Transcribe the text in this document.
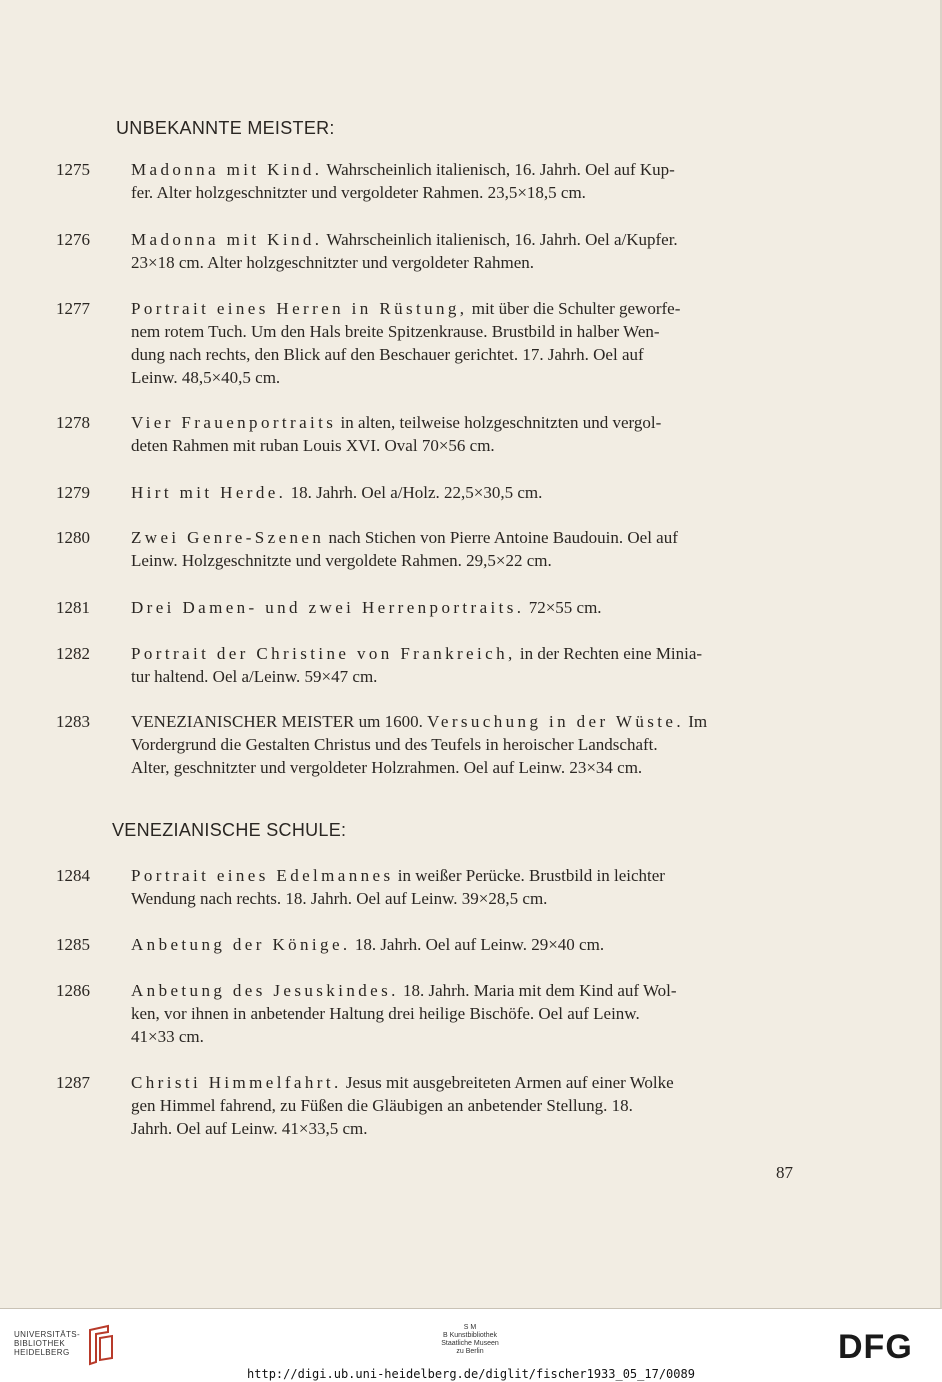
UNBEKANNTE MEISTER:
1275 Madonna mit Kind. Wahrscheinlich italienisch, 16. Jahrh. Oel auf Kup-
fer. Alter holzgeschnitzter und vergoldeter Rahmen. 23,5×18,5 cm.
1276 Madonna mit Kind. Wahrscheinlich italienisch, 16. Jahrh. Oel a/Kupfer.
23×18 cm. Alter holzgeschnitzter und vergoldeter Rahmen.
1277 Portrait eines Herren in Rüstung, mit über die Schulter geworfe-
nem rotem Tuch. Um den Hals breite Spitzenkrause. Brustbild in halber Wen-
dung nach rechts, den Blick auf den Beschauer gerichtet. 17. Jahrh. Oel auf
Leinw. 48,5×40,5 cm.
1278 Vier Frauenportraits in alten, teilweise holzgeschnitzten und vergol-
deten Rahmen mit ruban Louis XVI. Oval 70×56 cm.
1279 Hirt mit Herde. 18. Jahrh. Oel a/Holz. 22,5×30,5 cm.
1280 Zwei Genre-Szenen nach Stichen von Pierre Antoine Baudouin. Oel auf
Leinw. Holzgeschnitzte und vergoldete Rahmen. 29,5×22 cm.
1281 Drei Damen- und zwei Herrenportraits. 72×55 cm.
1282 Portrait der Christine von Frankreich, in der Rechten eine Minia-
tur haltend. Oel a/Leinw. 59×47 cm.
1283 VENEZIANISCHER MEISTER um 1600. Versuchung in der Wüste. Im
Vordergrund die Gestalten Christus und des Teufels in heroischer Landschaft.
Alter, geschnitzter und vergoldeter Holzrahmen. Oel auf Leinw. 23×34 cm.
VENEZIANISCHE SCHULE:
1284 Portrait eines Edelmannes in weißer Perücke. Brustbild in leichter
Wendung nach rechts. 18. Jahrh. Oel auf Leinw. 39×28,5 cm.
1285 Anbetung der Könige. 18. Jahrh. Oel auf Leinw. 29×40 cm.
1286 Anbetung des Jesuskindes. 18. Jahrh. Maria mit dem Kind auf Wol-
ken, vor ihnen in anbetender Haltung drei heilige Bischöfe. Oel auf Leinw.
41×33 cm.
1287 Christi Himmelfahrt. Jesus mit ausgebreiteten Armen auf einer Wolke
gen Himmel fahrend, zu Füßen die Gläubigen an anbetender Stellung. 18.
Jahrh. Oel auf Leinw. 41×33,5 cm.
87
UNIVERSITÄTS-
BIBLIOTHEK
HEIDELBERG
S M
B Kunstbibliothek
Staatliche Museen
zu Berlin	DFG
http://digi.ub.uni-heidelberg.de/diglit/fischer1933_05_17/0089
